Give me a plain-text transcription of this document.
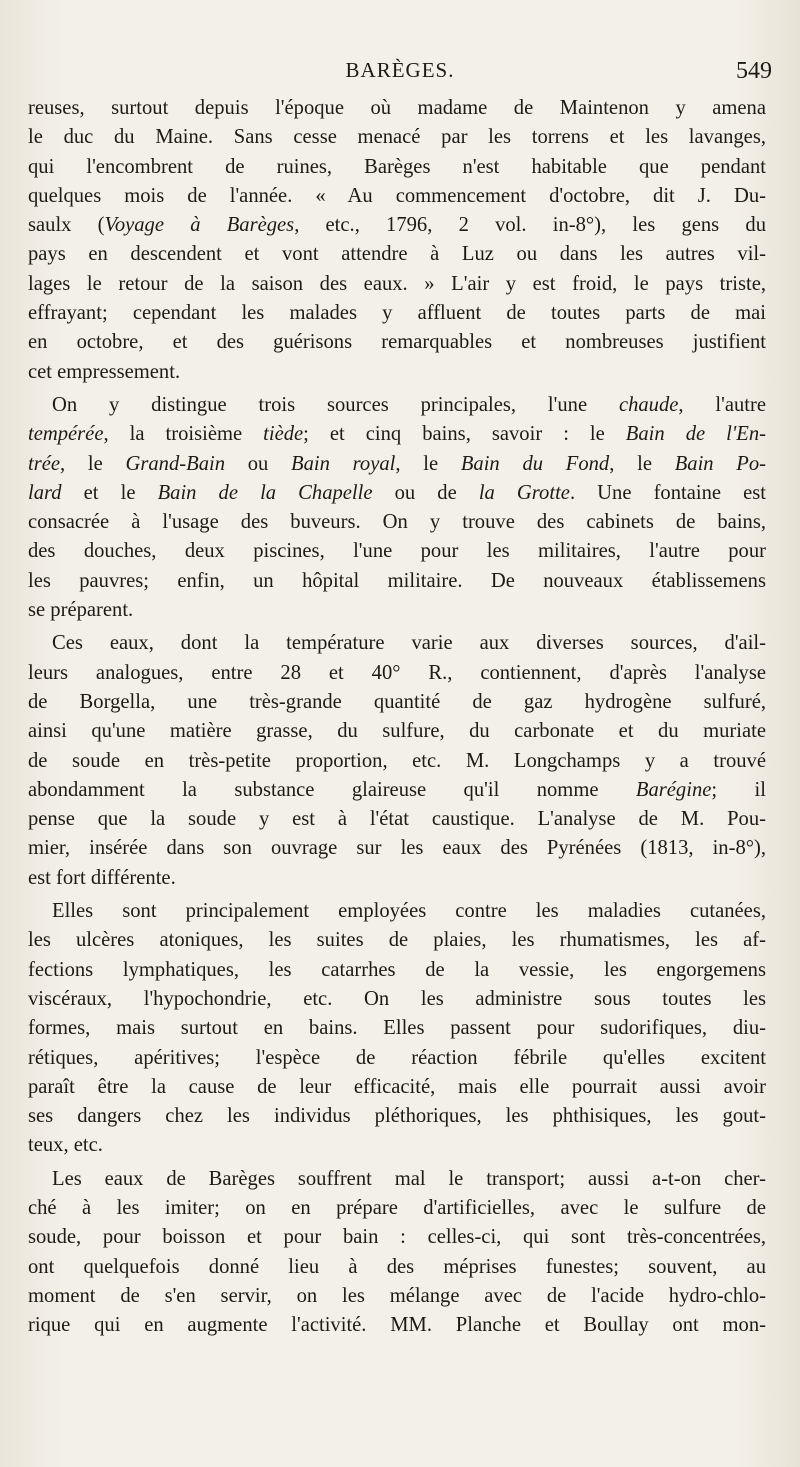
BARÈGES.	549
reuses, surtout depuis l'époque où madame de Maintenon y amena
le duc du Maine. Sans cesse menacé par les torrens et les lavanges,
qui l'encombrent de ruines, Barèges n'est habitable que pendant
quelques mois de l'année. « Au commencement d'octobre, dit J. Du-
saulx (Voyage à Barèges, etc., 1796, 2 vol. in-8°), les gens du
pays en descendent et vont attendre à Luz ou dans les autres vil-
lages le retour de la saison des eaux. » L'air y est froid, le pays triste,
effrayant; cependant les malades y affluent de toutes parts de mai
en octobre, et des guérisons remarquables et nombreuses justifient
cet empressement.
On y distingue trois sources principales, l'une chaude, l'autre
tempérée, la troisième tiède; et cinq bains, savoir : le Bain de l'En-
trée, le Grand-Bain ou Bain royal, le Bain du Fond, le Bain Po-
lard et le Bain de la Chapelle ou de la Grotte. Une fontaine est
consacrée à l'usage des buveurs. On y trouve des cabinets de bains,
des douches, deux piscines, l'une pour les militaires, l'autre pour
les pauvres; enfin, un hôpital militaire. De nouveaux établissemens
se préparent.
Ces eaux, dont la température varie aux diverses sources, d'ail-
leurs analogues, entre 28 et 40° R., contiennent, d'après l'analyse
de Borgella, une très-grande quantité de gaz hydrogène sulfuré,
ainsi qu'une matière grasse, du sulfure, du carbonate et du muriate
de soude en très-petite proportion, etc. M. Longchamps y a trouvé
abondamment la substance glaireuse qu'il nomme Barégine; il
pense que la soude y est à l'état caustique. L'analyse de M. Pou-
mier, insérée dans son ouvrage sur les eaux des Pyrénées (1813, in-8°),
est fort différente.
Elles sont principalement employées contre les maladies cutanées,
les ulcères atoniques, les suites de plaies, les rhumatismes, les af-
fections lymphatiques, les catarrhes de la vessie, les engorgemens
viscéraux, l'hypochondrie, etc. On les administre sous toutes les
formes, mais surtout en bains. Elles passent pour sudorifiques, diu-
rétiques, apéritives; l'espèce de réaction fébrile qu'elles excitent
paraît être la cause de leur efficacité, mais elle pourrait aussi avoir
ses dangers chez les individus pléthoriques, les phthisiques, les gout-
teux, etc.
Les eaux de Barèges souffrent mal le transport; aussi a-t-on cher-
ché à les imiter; on en prépare d'artificielles, avec le sulfure de
soude, pour boisson et pour bain : celles-ci, qui sont très-concentrées,
ont quelquefois donné lieu à des méprises funestes; souvent, au
moment de s'en servir, on les mélange avec de l'acide hydro-chlo-
rique qui en augmente l'activité. MM. Planche et Boullay ont mon-
